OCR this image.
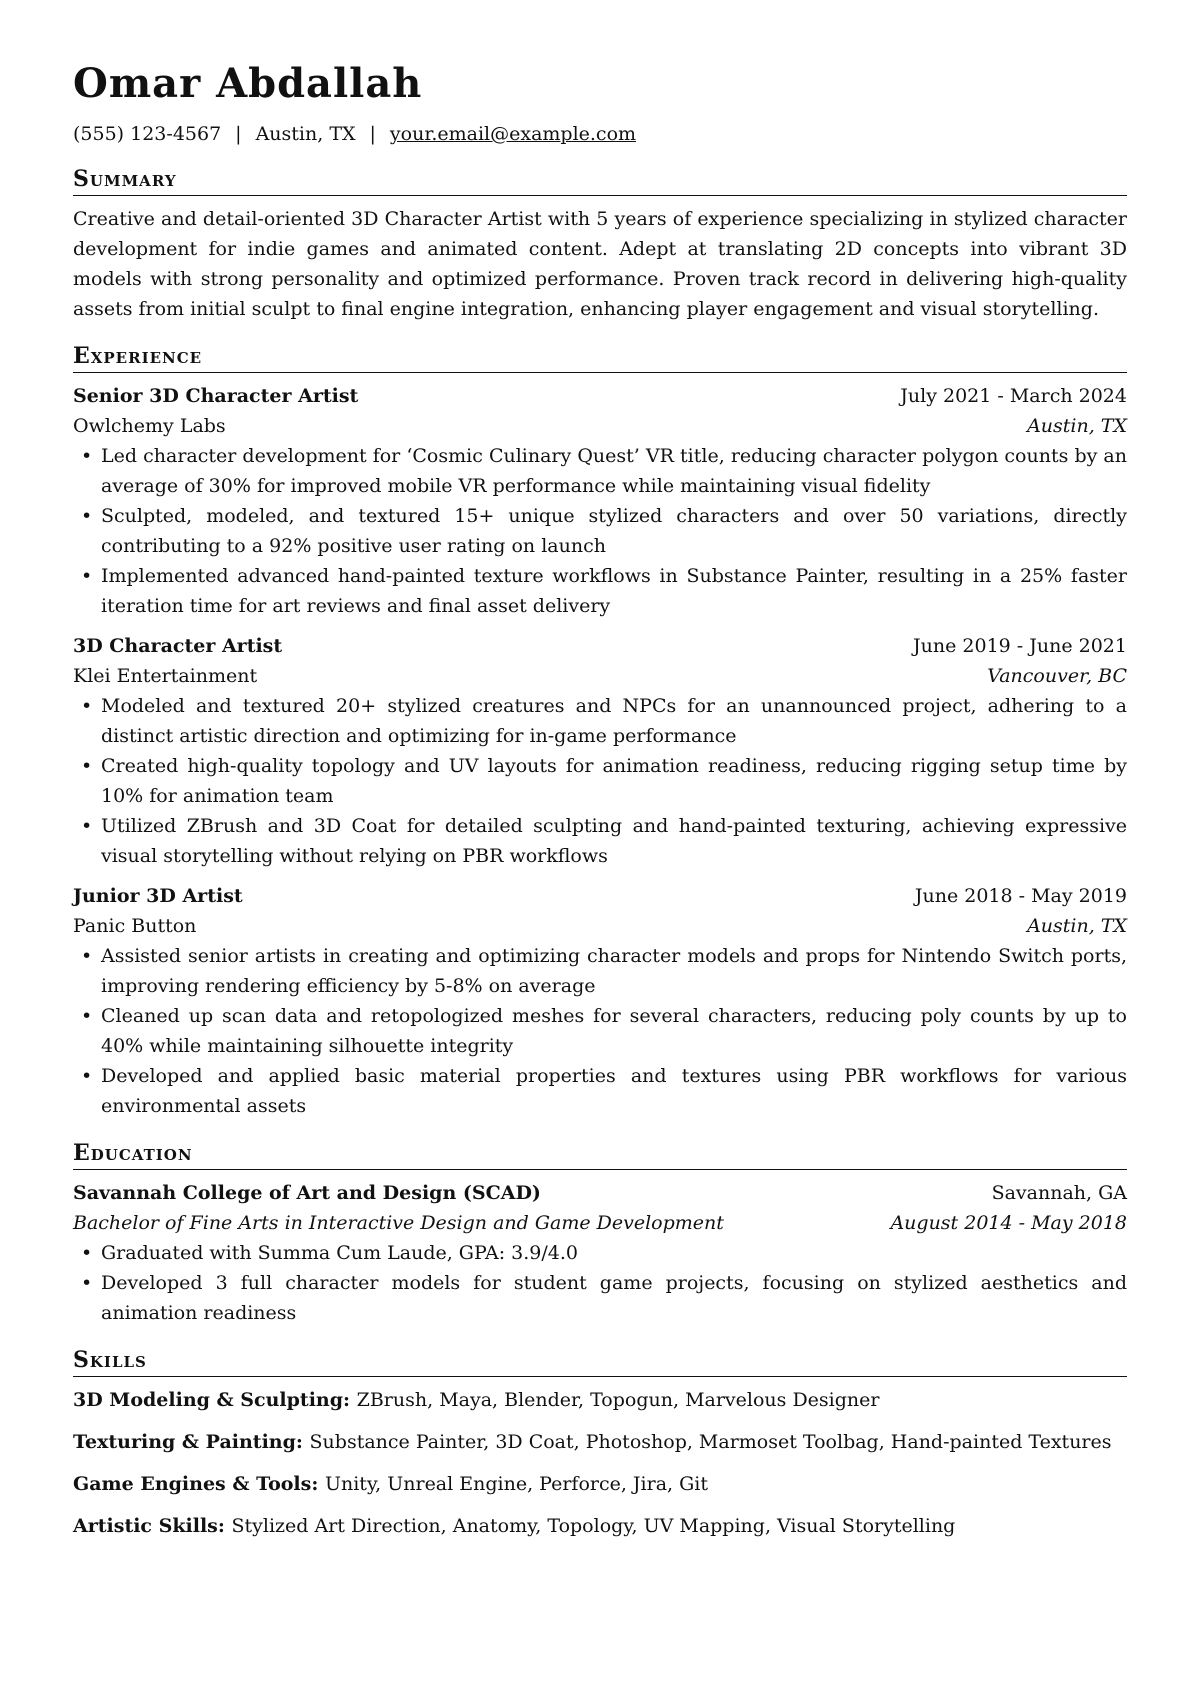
Omar Abdallah
(555) 123-4567 | Austin, TX | your.email@example.com
Summary

Creative and detail-oriented 3D Character Artist with 5 years of experience specializing in stylized character development for indie games and animated content. Adept at translating 2D concepts into vibrant 3D models with strong personality and optimized performance. Proven track record in delivering high-quality assets from initial sculpt to final engine integration, enhancing player engagement and visual storytelling.

Experience
Senior 3D Character Artist	July 2021 - March 2024
Owlchemy Labs	Austin, TX
• Led character development for ‘Cosmic Culinary Quest’ VR title, reducing character polygon counts by an average of 30% for improved mobile VR performance while maintaining visual fidelity
• Sculpted, modeled, and textured 15+ unique stylized characters and over 50 variations, directly contributing to a 92% positive user rating on launch
• Implemented advanced hand-painted texture workflows in Substance Painter, resulting in a 25% faster iteration time for art reviews and final asset delivery
3D Character Artist	June 2019 - June 2021
Klei Entertainment	Vancouver, BC
• Modeled and textured 20+ stylized creatures and NPCs for an unannounced project, adhering to a distinct artistic direction and optimizing for in-game performance
• Created high-quality topology and UV layouts for animation readiness, reducing rigging setup time by 10% for animation team
• Utilized ZBrush and 3D Coat for detailed sculpting and hand-painted texturing, achieving expressive visual storytelling without relying on PBR workflows
Junior 3D Artist	June 2018 - May 2019
Panic Button	Austin, TX
• Assisted senior artists in creating and optimizing character models and props for Nintendo Switch ports, improving rendering efficiency by 5-8% on average
• Cleaned up scan data and retopologized meshes for several characters, reducing poly counts by up to 40% while maintaining silhouette integrity
• Developed and applied basic material properties and textures using PBR workflows for various environmental assets
Education
Savannah College of Art and Design (SCAD)	Savannah, GA
Bachelor of Fine Arts in Interactive Design and Game Development	August 2014 - May 2018
• Graduated with Summa Cum Laude, GPA: 3.9/4.0
• Developed 3 full character models for student game projects, focusing on stylized aesthetics and animation readiness
Skills
3D Modeling & Sculpting: ZBrush, Maya, Blender, Topogun, Marvelous Designer
Texturing & Painting: Substance Painter, 3D Coat, Photoshop, Marmoset Toolbag, Hand-painted Textures
Game Engines & Tools: Unity, Unreal Engine, Perforce, Jira, Git
Artistic Skills: Stylized Art Direction, Anatomy, Topology, UV Mapping, Visual Storytelling
